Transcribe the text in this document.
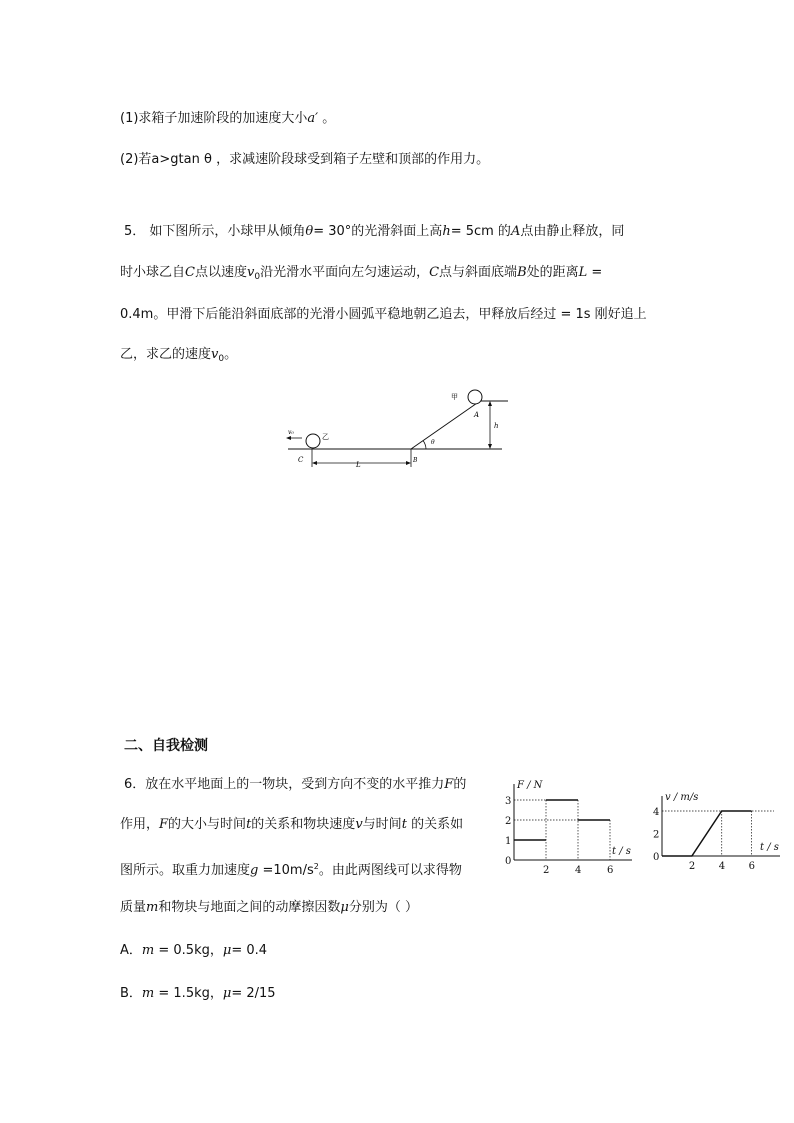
(1)求箱子加速阶段的加速度大小a′ 。
(2)若a>gtan θ ，求减速阶段球受到箱子左壁和顶部的作用力。
5． 如下图所示，小球甲从倾角θ= 30°的光滑斜面上高h= 5cm 的A点由静止释放，同
时小球乙自C点以速度$v_0$沿光滑水平面向左匀速运动，C点与斜面底端B处的距离L =
0.4m。甲滑下后能沿斜面底部的光滑小圆弧平稳地朝乙追去，甲释放后经过 = 1s 刚好追上
乙，求乙的速度$v_0$。
v₀
乙
甲
A
h
θ
C	B
L
二、自我检测
6．放在水平地面上的一物块，受到方向不变的水平推力F的
作用，F的大小与时间t的关系和物块速度v与时间t 的关系如
图所示。取重力加速度$g =10m/s^2$。由此两图线可以求得物
质量m和物块与地面之间的动摩擦因数μ分别为（ ）
A．m = 0.5kg，μ= 0.4
B．m = 1.5kg，μ= 2/15
0
F / N
t / s
2	4	6
1
2
3
0
v / m/s
t / s
2 4 6
2
4
